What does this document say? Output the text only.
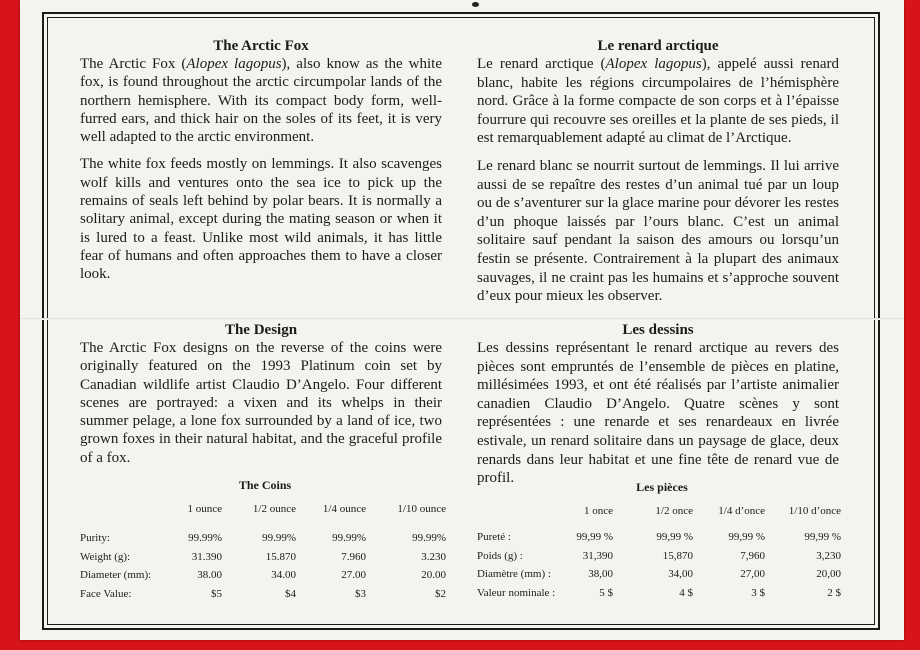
The Arctic Fox

The Arctic Fox (Alopex lagopus), also know as the white fox, is found throughout the arctic circumpolar lands of the northern hemisphere. With its compact body form, well-furred ears, and thick hair on the soles of its feet, it is very well adapted to the arctic environment.

The white fox feeds mostly on lemmings. It also scavenges wolf kills and ventures onto the sea ice to pick up the remains of seals left behind by polar bears. It is normally a solitary animal, except during the mating season or when it is lured to a feast. Unlike most wild animals, it has little fear of humans and often approaches them to have a closer look.

Le renard arctique

Le renard arctique (Alopex lagopus), appelé aussi renard blanc, habite les régions circumpolaires de l’hémisphère nord. Grâce à la forme compacte de son corps et à l’épaisse fourrure qui recouvre ses oreilles et la plante de ses pieds, il est remarquablement adapté au climat de l’Arctique.

Le renard blanc se nourrit surtout de lemmings. Il lui arrive aussi de se repaître des restes d’un animal tué par un loup ou de s’aventurer sur la glace marine pour dévorer les restes d’un phoque laissés par l’ours blanc. C’est un animal solitaire sauf pendant la saison des amours ou lorsqu’un festin se présente. Contrairement à la plupart des animaux sauvages, il ne craint pas les humains et s’approche souvent d’eux pour mieux les observer.

The Design

The Arctic Fox designs on the reverse of the coins were originally featured on the 1993 Platinum coin set by Canadian wildlife artist Claudio D’Angelo. Four different scenes are portrayed: a vixen and its whelps in their summer pelage, a lone fox surrounded by a land of ice, two grown foxes in their natural habitat, and the graceful profile of a fox.

Les dessins

Les dessins représentant le renard arctique au revers des pièces sont empruntés de l’ensemble de pièces en platine, millésimées 1993, et ont été réalisés par l’artiste animalier canadien Claudio D’Angelo. Quatre scènes y sont représentées : une renarde et ses renardeaux en livrée estivale, un renard solitaire dans un paysage de glace, deux renards dans leur habitat et une fine tête de renard vue de profil.

The Coins
	1 ounce	1/2 ounce	1/4 ounce	1/10 ounce

Purity:	99.99%	99.99%	99.99%	99.99%
Weight (g):	31.390	15.870	7.960	3.230
Diameter (mm):	38.00	34.00	27.00	20.00
Face Value:	$5	$4	$3	$2
Les pièces
	1 once	1/2 once	1/4 d’once	1/10 d’once

Pureté :	99,99 %	99,99 %	99,99 %	99,99 %
Poids (g) :	31,390	15,870	7,960	3,230
Diamètre (mm) :	38,00	34,00	27,00	20,00
Valeur nominale :	5 $	4 $	3 $	2 $
